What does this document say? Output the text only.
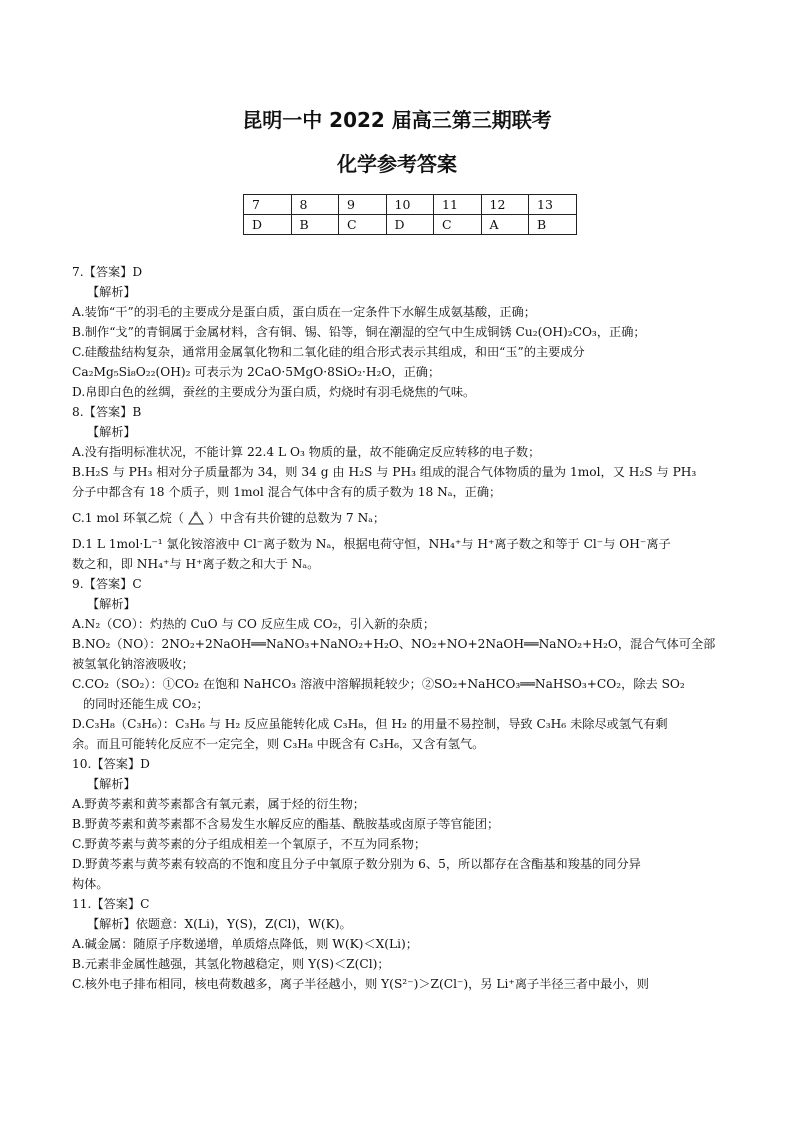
昆明一中 2022 届高三第三期联考
化学参考答案
7	8	9	10	11	12	13
D	B	C	D	C	A	B
7.【答案】D
【解析】
A.装饰“干”的羽毛的主要成分是蛋白质，蛋白质在一定条件下水解生成氨基酸，正确；
B.制作“戈”的青铜属于金属材料，含有铜、锡、铅等，铜在潮湿的空气中生成铜锈 Cu₂(OH)₂CO₃，正确；
C.硅酸盐结构复杂，通常用金属氧化物和二氧化硅的组合形式表示其组成，和田“玉”的主要成分
Ca₂Mg₅Si₈O₂₂(OH)₂ 可表示为 2CaO·5MgO·8SiO₂·H₂O，正确；
D.帛即白色的丝绸，蚕丝的主要成分为蛋白质，灼烧时有羽毛烧焦的气味。
8.【答案】B
【解析】
A.没有指明标准状况，不能计算 22.4 L O₃ 物质的量，故不能确定反应转移的电子数；
B.H₂S 与 PH₃ 相对分子质量都为 34，则 34 g 由 H₂S 与 PH₃ 组成的混合气体物质的量为 1mol，又 H₂S 与 PH₃
分子中都含有 18 个质子，则 1mol 混合气体中含有的质子数为 18 Nₐ，正确；
C.1 mol 环氧乙烷（ O ）中含有共价键的总数为 7 Nₐ；
D.1 L 1mol·L⁻¹ 氯化铵溶液中 Cl⁻离子数为 Nₐ，根据电荷守恒，NH₄⁺与 H⁺离子数之和等于 Cl⁻与 OH⁻离子
数之和，即 NH₄⁺与 H⁺离子数之和大于 Nₐ。
9.【答案】C
【解析】
A.N₂（CO）：灼热的 CuO 与 CO 反应生成 CO₂，引入新的杂质；
B.NO₂（NO）：2NO₂+2NaOH══NaNO₃+NaNO₂+H₂O、NO₂+NO+2NaOH══NaNO₂+H₂O，混合气体可全部
被氢氧化钠溶液吸收；
C.CO₂（SO₂）：①CO₂ 在饱和 NaHCO₃ 溶液中溶解损耗较少；②SO₂+NaHCO₃══NaHSO₃+CO₂，除去 SO₂
的同时还能生成 CO₂；
D.C₃H₈（C₃H₆）：C₃H₆ 与 H₂ 反应虽能转化成 C₃H₈，但 H₂ 的用量不易控制，导致 C₃H₆ 未除尽或氢气有剩
余。而且可能转化反应不一定完全，则 C₃H₈ 中既含有 C₃H₆，又含有氢气。
10.【答案】D
【解析】
A.野黄芩素和黄芩素都含有氧元素，属于烃的衍生物；
B.野黄芩素和黄芩素都不含易发生水解反应的酯基、酰胺基或卤原子等官能团；
C.野黄芩素与黄芩素的分子组成相差一个氧原子，不互为同系物；
D.野黄芩素与黄芩素有较高的不饱和度且分子中氧原子数分别为 6、5，所以都存在含酯基和羧基的同分异
构体。
11.【答案】C
【解析】依题意：X(Li)，Y(S)，Z(Cl)，W(K)。
A.碱金属：随原子序数递增，单质熔点降低，则 W(K)＜X(Li)；
B.元素非金属性越强，其氢化物越稳定，则 Y(S)＜Z(Cl)；
C.核外电子排布相同，核电荷数越多，离子半径越小，则 Y(S²⁻)＞Z(Cl⁻)，另 Li⁺离子半径三者中最小，则
